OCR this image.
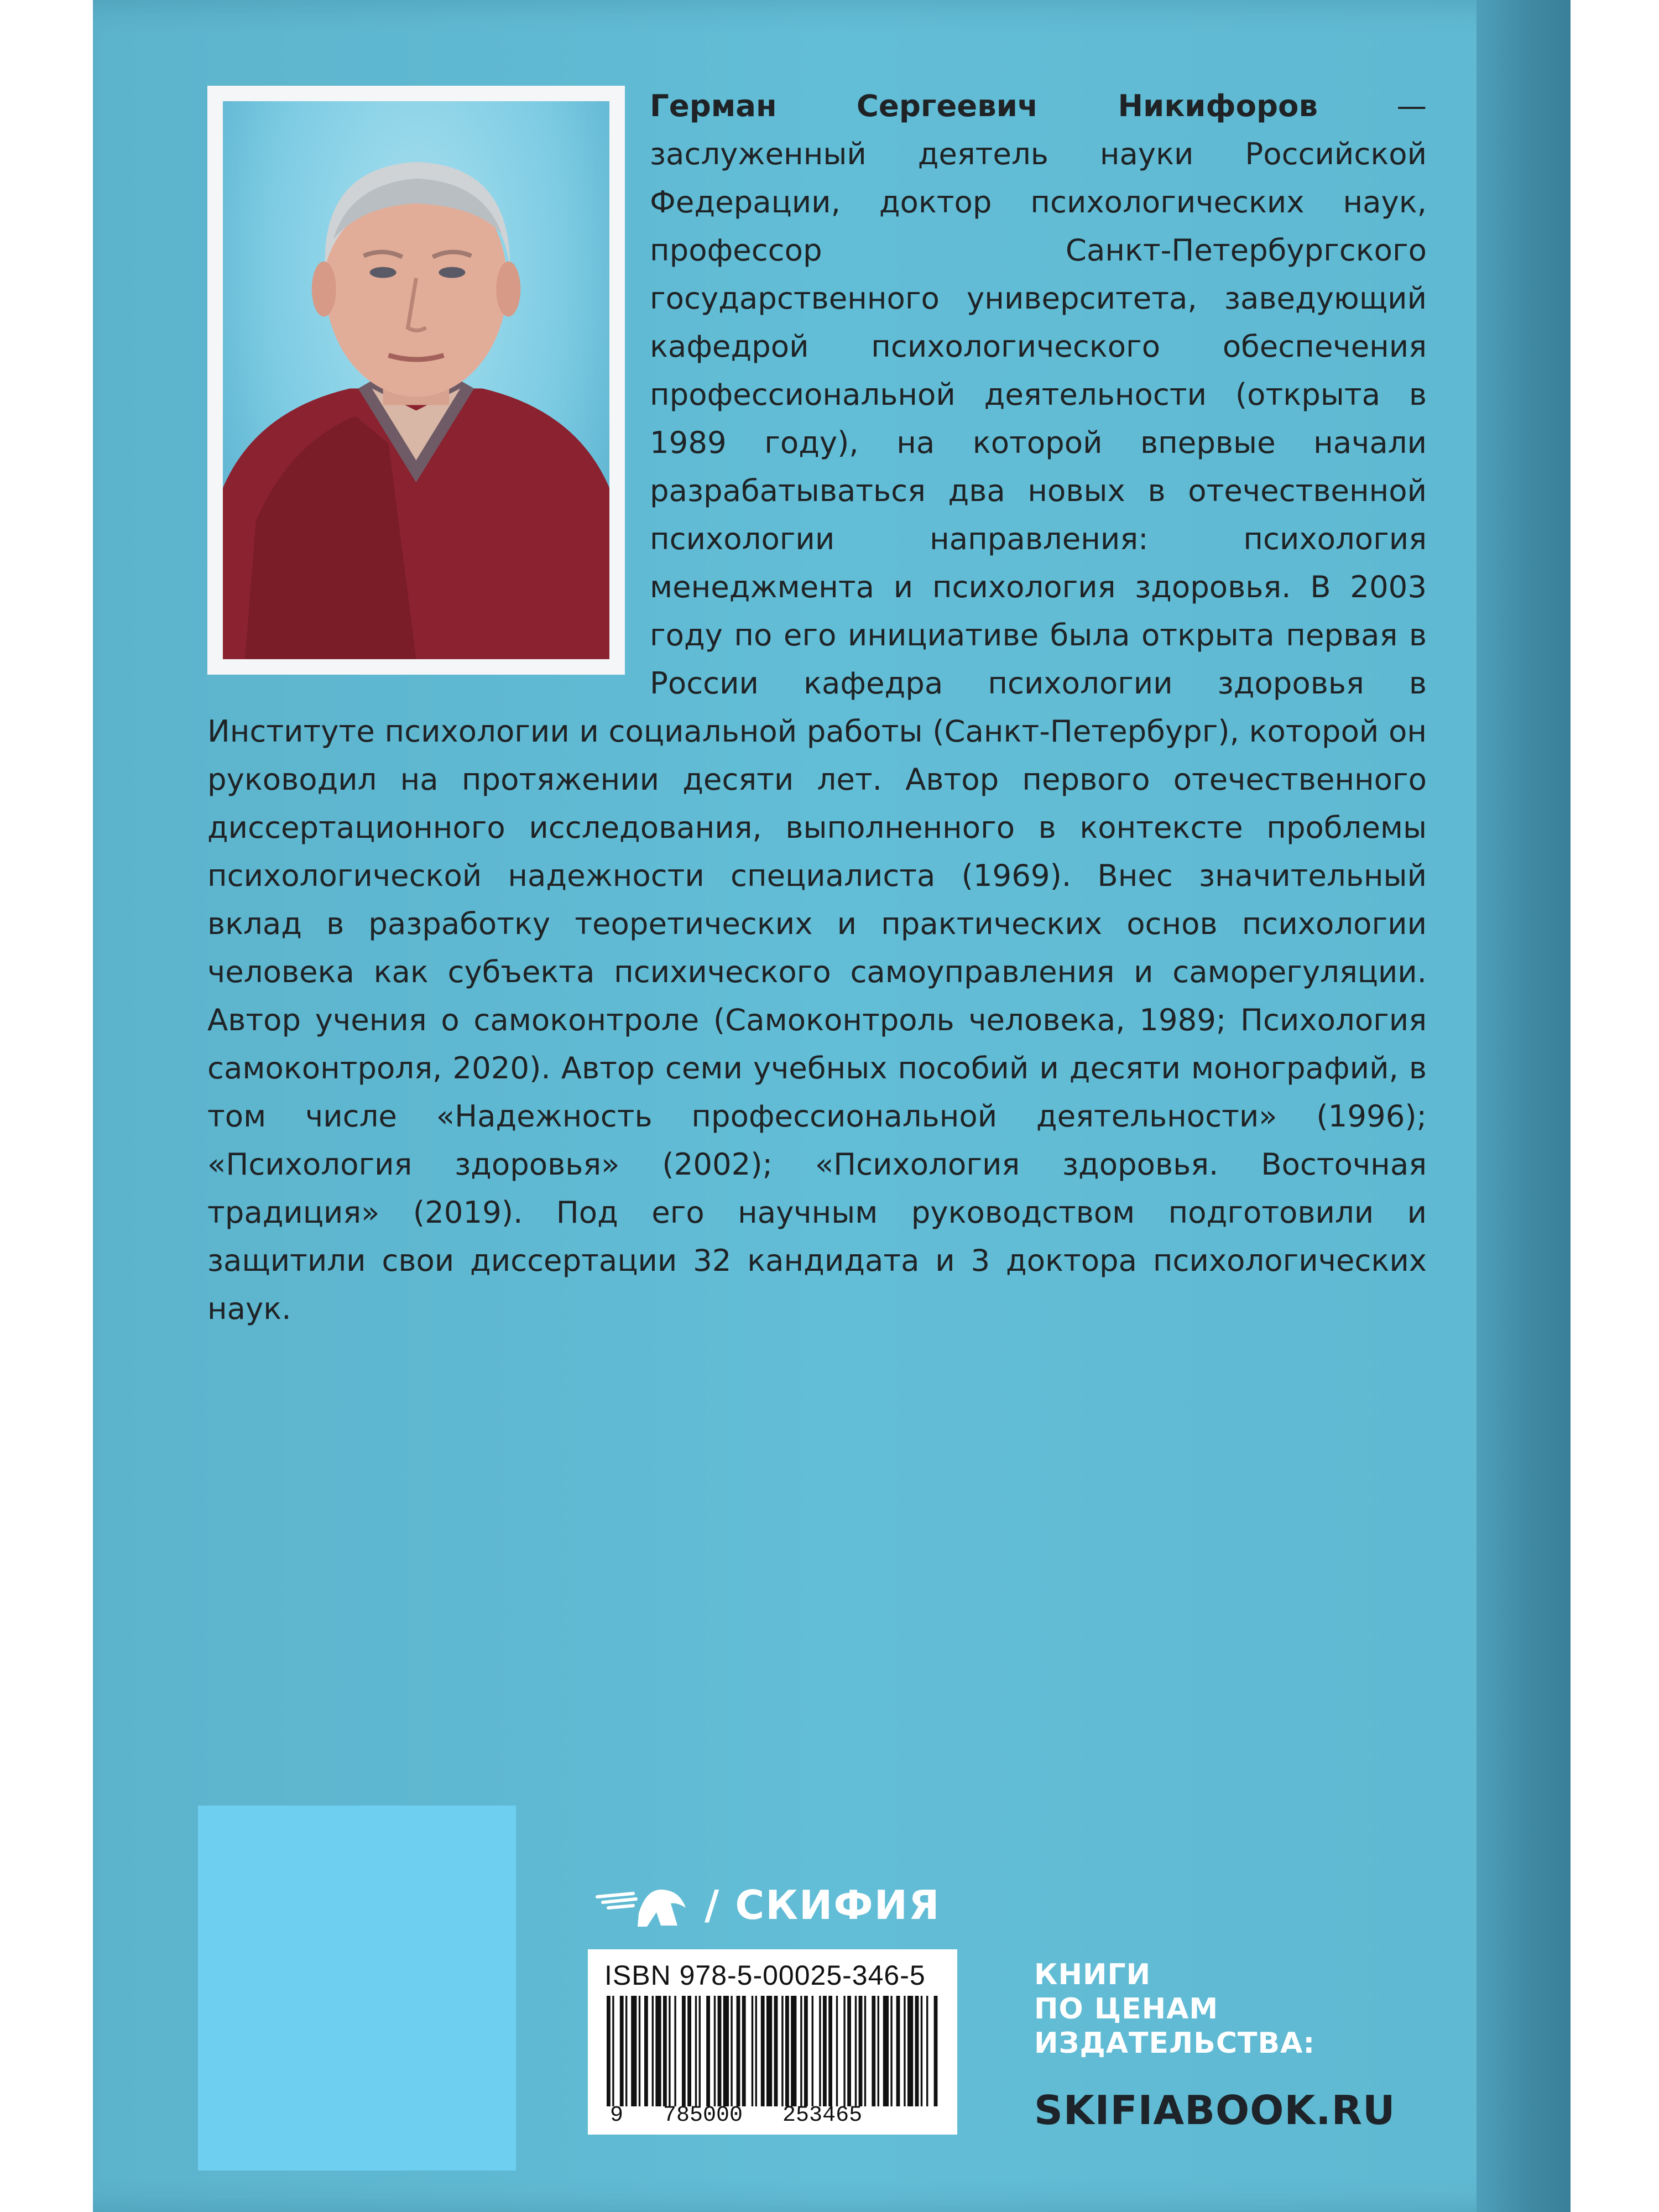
Герман Сергеевич Никифоров — заслуженный деятель науки Российской Федерации, доктор психологических наук, профессор Санкт-Петербургского государственного университета, заведующий кафедрой психологического обеспечения профессиональной деятельности (открыта в 1989 году), на которой впервые начали разрабатываться два новых в отечественной психологии направления: психология менеджмента и психология здоровья. В 2003 году по его инициативе была открыта первая в России кафедра психологии здоровья в Институте психологии и социальной работы (Санкт-Петербург), которой он руководил на протяжении десяти лет. Автор первого отечественного диссертационного исследования, выполненного в контексте проблемы психологической надежности специалиста (1969). Внес значительный вклад в разработку теоретических и практических основ психологии человека как субъекта психического самоуправления и саморегуляции. Автор учения о самоконтроле (Самоконтроль человека, 1989; Психология самоконтроля, 2020). Автор семи учебных пособий и десяти монографий, в том числе «Надежность профессиональной деятельности» (1996); «Психология здоровья» (2002); «Психология здоровья. Восточная традиция» (2019). Под его научным руководством подготовили и защитили свои диссертации 32 кандидата и 3 доктора психологических наук.
/ СКИФИЯ
ISBN 978-5-00025-346-5
9   785000   253465
КНИГИ
ПО ЦЕНАМ
ИЗДАТЕЛЬСТВА:
SKIFIABOOK.RU
